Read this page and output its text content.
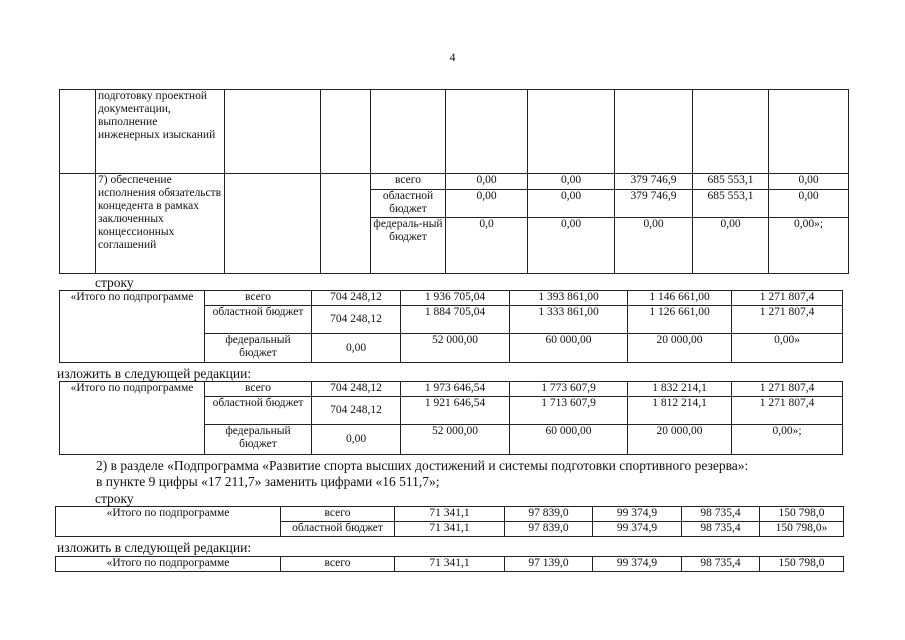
4
	подготовку проектной документации, выполнение инженерных изысканий								
	7) обеспечение исполнения обязательств концедента в рамках заключенных концессионных соглашений			всего	0,00	0,00	379 746,9	685 553,1	0,00
				областной бюджет	0,00	0,00	379 746,9	685 553,1	0,00
				федераль-ный бюджет	0,0	0,00	0,00	0,00	0,00»;
строку
«Итого по подпрограмме	всего	704 248,12	1 936 705,04	1 393 861,00	1 146 661,00	1 271 807,4
	областной бюджет	704 248,12	1 884 705,04	1 333 861,00	1 126 661,00	1 271 807,4
	федеральный бюджет	0,00	52 000,00	60 000,00	20 000,00	0,00»
изложить в следующей редакции:
«Итого по подпрограмме	всего	704 248,12	1 973 646,54	1 773 607,9	1 832 214,1	1 271 807,4
	областной бюджет	704 248,12	1 921 646,54	1 713 607,9	1 812 214,1	1 271 807,4
	федеральный бюджет	0,00	52 000,00	60 000,00	20 000,00	0,00»;
2) в разделе «Подпрограмма «Развитие спорта высших достижений и системы подготовки спортивного резерва»:
в пункте 9 цифры «17 211,7» заменить цифрами «16 511,7»;
строку
«Итого по подпрограмме	всего	71 341,1	97 839,0	99 374,9	98 735,4	150 798,0
	областной бюджет	71 341,1	97 839,0	99 374,9	98 735,4	150 798,0»
изложить в следующей редакции:
«Итого по подпрограмме	всего	71 341,1	97 139,0	99 374,9	98 735,4	150 798,0
